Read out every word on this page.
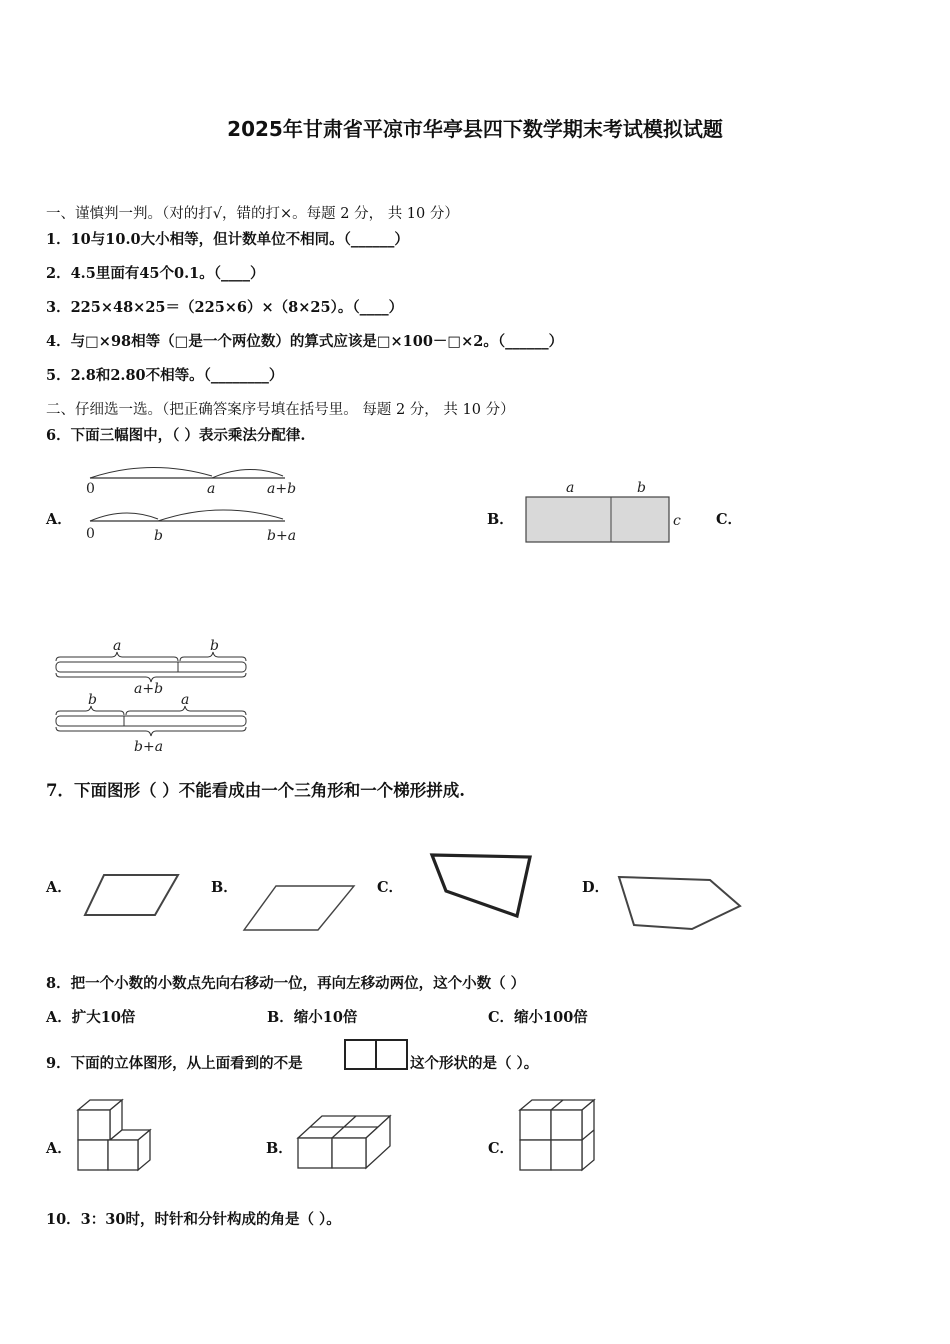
2025年甘肃省平凉市华亭县四下数学期末考试模拟试题
一、谨慎判一判。（对的打√，错的打×。每题 2 分， 共 10 分）
1．10与10.0大小相等，但计数单位不相同。（______）
2．4.5里面有45个0.1。（____）
3．225×48×25＝（225×6）×（8×25）。（____）
4．与□×98相等（□是一个两位数）的算式应该是□×100－□×2。（______）
5．2.8和2.80不相等。（________）
二、仔细选一选。（把正确答案序号填在括号里。 每题 2 分， 共 10 分）
6．下面三幅图中，（ ）表示乘法分配律.
A．
0	a	a+b
0	b	b+a
B．
a	b
c C．
a	b
a+b
b	a
b+a
7．下面图形（ ）不能看成由一个三角形和一个梯形拼成.
A．	B．	C．	D．
8．把一个小数的小数点先向右移动一位，再向左移动两位，这个小数（ ）
A．扩大10倍	B．缩小10倍	C．缩小100倍
9．下面的立体图形，从上面看到的不是	这个形状的是（ ）。
A．	B．	C．
10．3：30时，时针和分针构成的角是（ ）。
